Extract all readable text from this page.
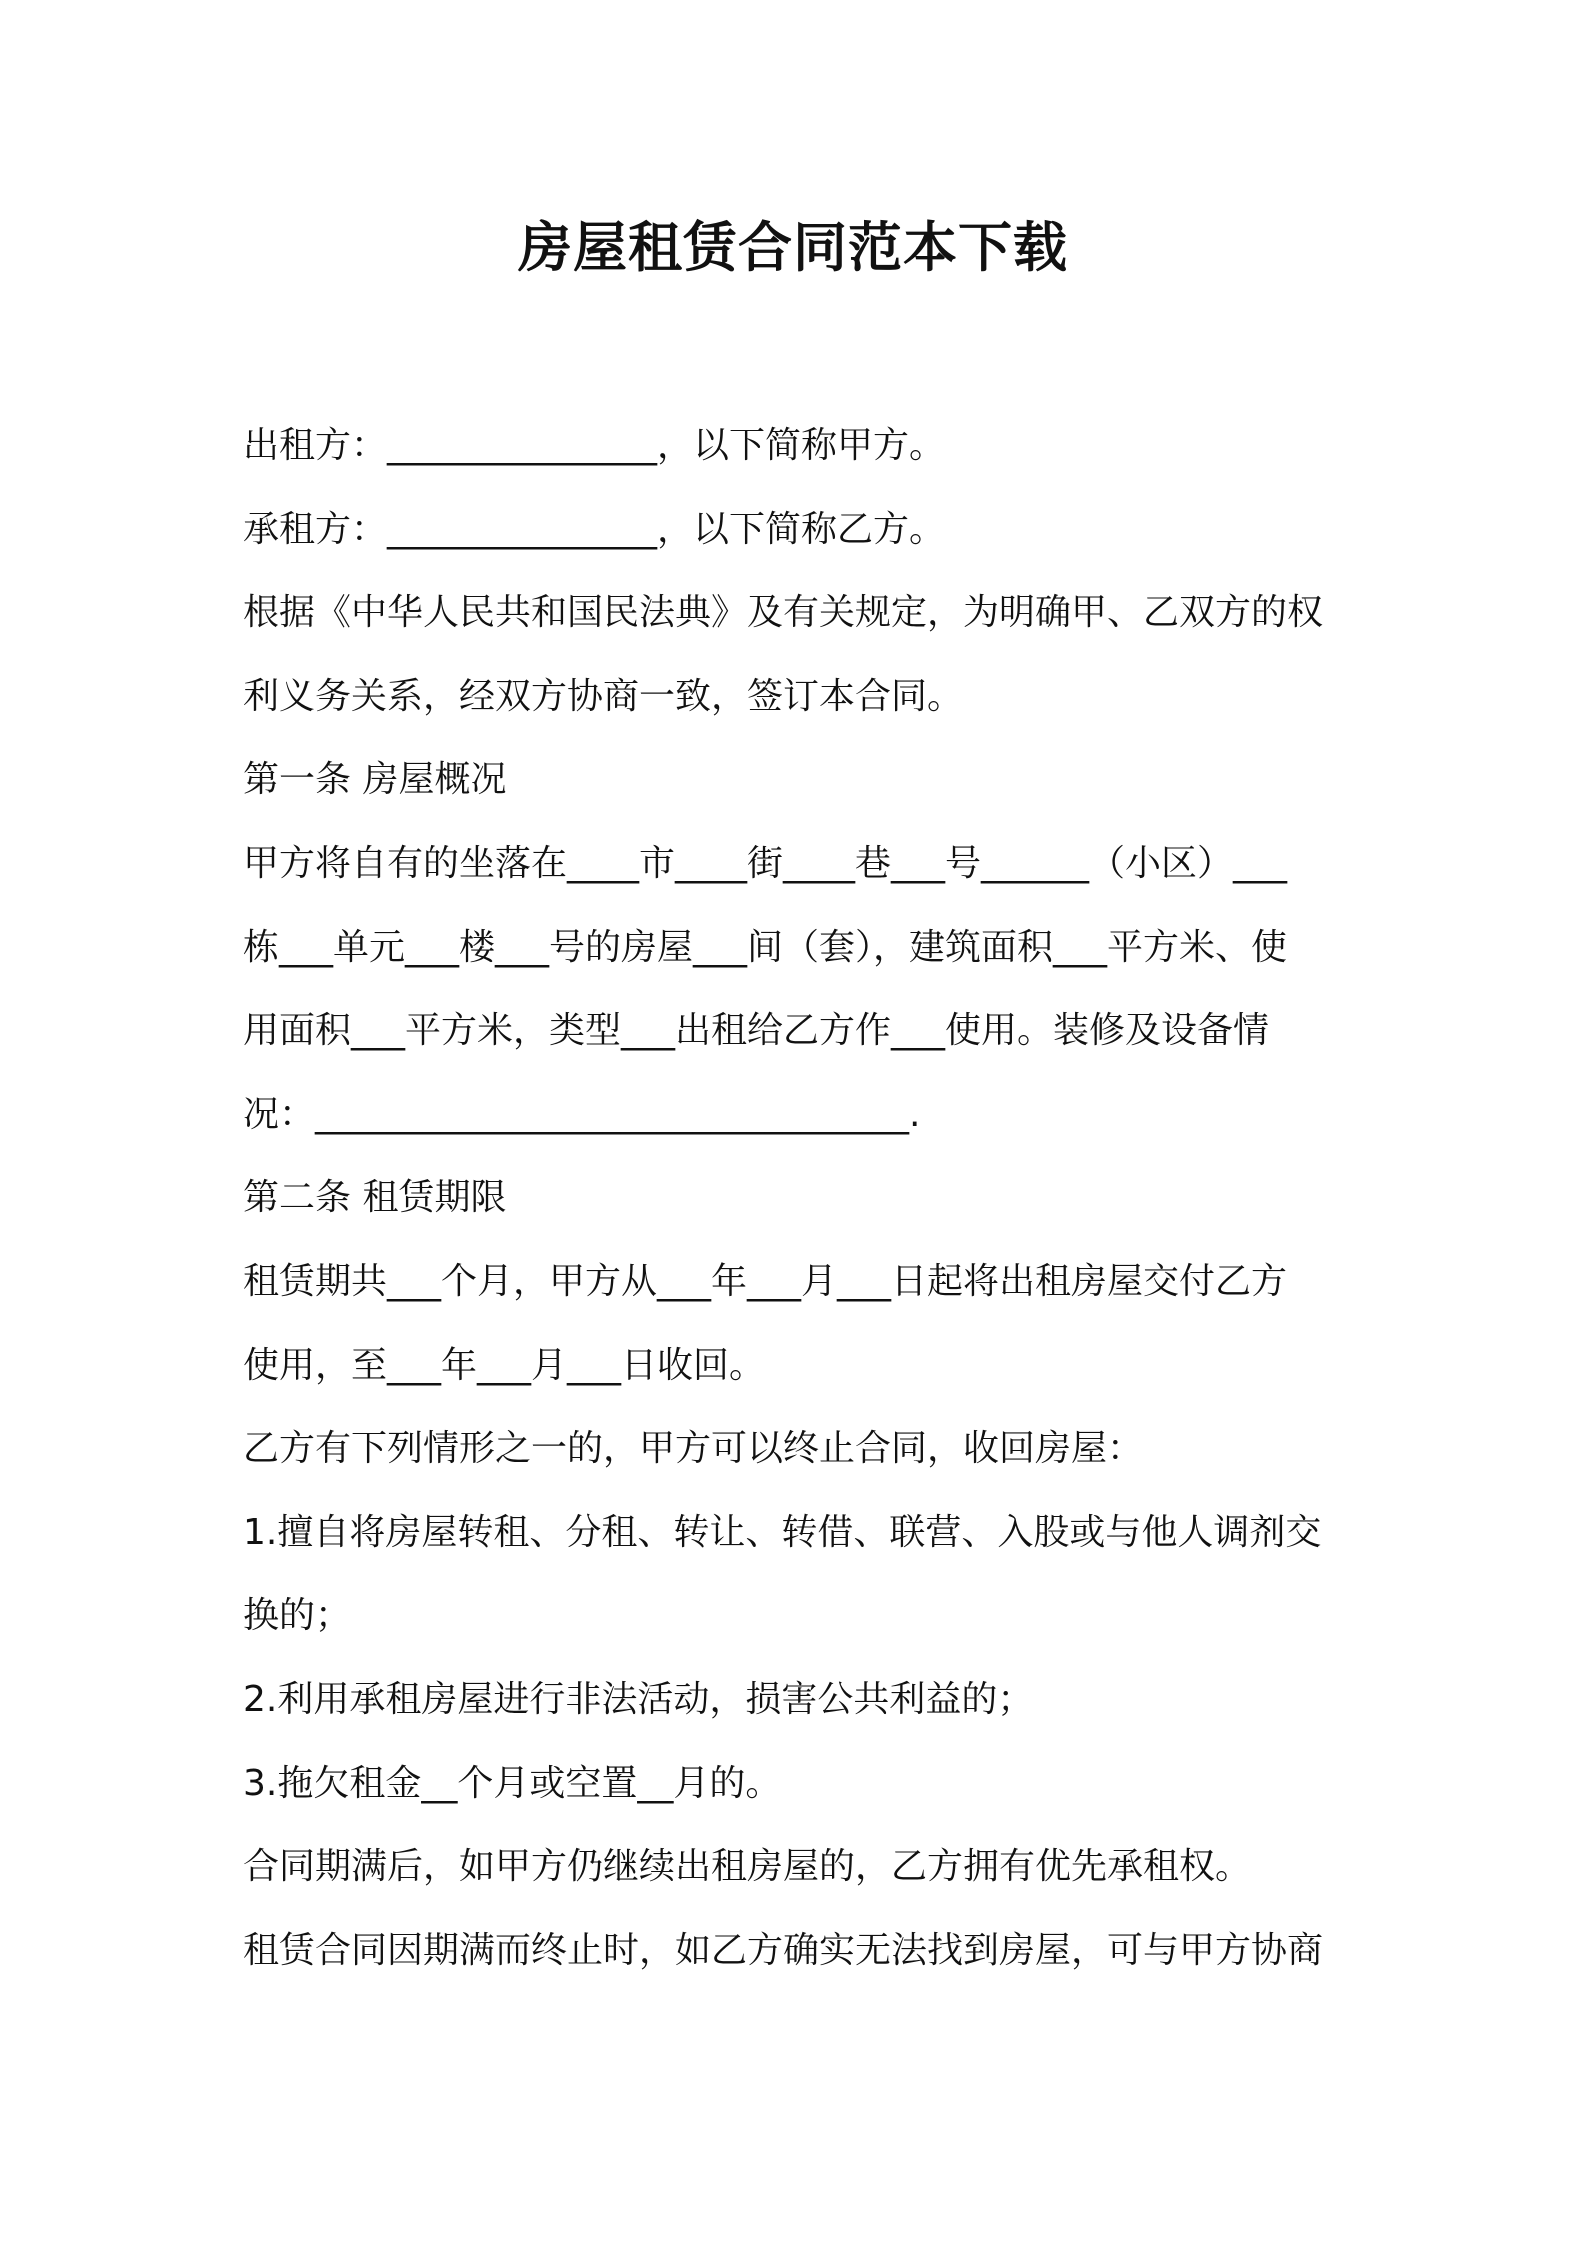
房屋租赁合同范本下载
出租方：_______________，以下简称甲方。
承租方：_______________，以下简称乙方。
根据《中华人民共和国民法典》及有关规定，为明确甲、乙双方的权
利义务关系，经双方协商一致，签订本合同。
第一条 房屋概况
甲方将自有的坐落在____市____街____巷___号______（小区）___
栋___单元___楼___号的房屋___间（套），建筑面积___平方米、使
用面积___平方米，类型___出租给乙方作___使用。装修及设备情
况：_________________________________.
第二条 租赁期限
租赁期共___个月，甲方从___年___月___日起将出租房屋交付乙方
使用，至___年___月___日收回。
乙方有下列情形之一的，甲方可以终止合同，收回房屋：
1.擅自将房屋转租、分租、转让、转借、联营、入股或与他人调剂交
换的；
2.利用承租房屋进行非法活动，损害公共利益的；
3.拖欠租金__个月或空置__月的。
合同期满后，如甲方仍继续出租房屋的，乙方拥有优先承租权。
租赁合同因期满而终止时，如乙方确实无法找到房屋，可与甲方协商
